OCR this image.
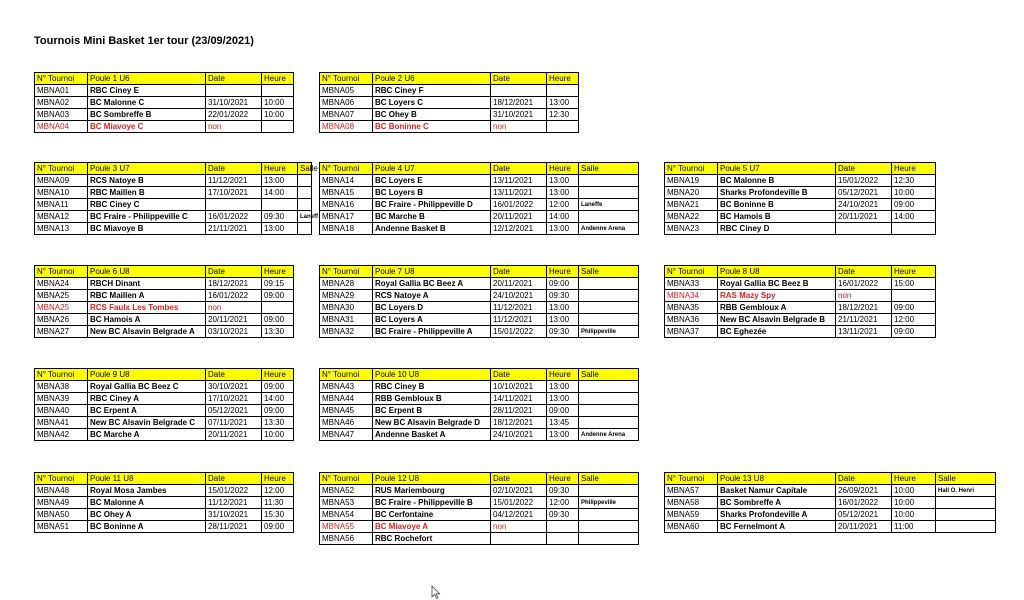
Tournois Mini Basket 1er tour (23/09/2021)
N° Tournoi	Poule 1 U6	Date	Heure
MBNA01	RBC Ciney E		
MBNA02	BC Malonne C	31/10/2021	10:00
MBNA03	BC Sombreffe B	22/01/2022	10:00
MBNA04	BC Miavoye C	non	
N° Tournoi	Poule 2 U6	Date	Heure
MBNA05	RBC Ciney F		
MBNA06	BC Loyers C	18/12/2021	13:00
MBNA07	BC Ohey B	31/10/2021	12:30
MBNA08	BC Boninne C	non	
N° Tournoi	Poule 3 U7	Date	Heure	Salle
MBNA09	RCS Natoye B	11/12/2021	13:00	
MBNA10	RBC Maillen B	17/10/2021	14:00	
MBNA11	RBC Ciney C			
MBNA12	BC Fraire - Philippeville C	16/01/2022	09:30	Laneff
MBNA13	BC Miavoye B	21/11/2021	13:00	
N° Tournoi	Poule 4 U7	Date	Heure	Salle
MBNA14	BC Loyers E	13/11/2021	13:00	
MBNA15	BC Loyers B	13/11/2021	13:00	
MBNA16	BC Fraire - Philippeville D	16/01/2022	12:00	Laneffe
MBNA17	BC Marche B	20/11/2021	14:00	
MBNA18	Andenne Basket B	12/12/2021	13:00	Andenne Arena
N° Tournoi	Poule 5 U7	Date	Heure
MBNA19	BC Malonne B	15/01/2022	12:30
MBNA20	Sharks Profondeville B	05/12/2021	10:00
MBNA21	BC Boninne B	24/10/2021	09:00
MBNA22	BC Hamois B	20/11/2021	14:00
MBNA23	RBC Ciney D		
N° Tournoi	Poule 6 U8	Date	Heure
MBNA24	RBCH Dinant	18/12/2021	09:15
MBNA25	RBC Maillen A	16/01/2022	09:00
MBNA25	RCS Faulx Les Tombes	non	
MBNA26	BC Hamois A	20/11/2021	09:00
MBNA27	New BC Alsavin Belgrade A	03/10/2021	13:30
N° Tournoi	Poule 7 U8	Date	Heure	Salle
MBNA28	Royal Gallia BC Beez A	20/11/2021	09:00	
MBNA29	RCS Natoye A	24/10/2021	09:30	
MBNA30	BC Loyers D	11/12/2021	13:00	
MBNA31	BC Loyers A	11/12/2021	13:00	
MBNA32	BC Fraire - Philippeville A	15/01/2022	09:30	Philippeville
N° Tournoi	Poule 8 U8	Date	Heure
MBNA33	Royal Gallia BC Beez B	16/01/2022	15:00
MBNA34	RAS Mazy Spy	non	
MBNA35	RBB Gembloux A	18/12/2021	09:00
MBNA36	New BC Alsavin Belgrade B	21/11/2021	12:00
MBNA37	BC Eghezée	13/11/2021	09:00
N° Tournoi	Poule 9 U8	Date	Heure
MBNA38	Royal Gallia BC Beez C	30/10/2021	09:00
MBNA39	RBC Ciney A	17/10/2021	14:00
MBNA40	BC Erpent A	05/12/2021	09:00
MBNA41	New BC Alsavin Belgrade C	07/11/2021	13:30
MBNA42	BC Marche A	20/11/2021	10:00
N° Tournoi	Poule 10 U8	Date	Heure	Salle
MBNA43	RBC Ciney B	10/10/2021	13:00	
MBNA44	RBB Gembloux B	14/11/2021	13:00	
MBNA45	BC Erpent B	28/11/2021	09:00	
MBNA46	New BC Alsavin Belgrade D	18/12/2021	13:45	
MBNA47	Andenne Basket A	24/10/2021	13:00	Andenne Arena
N° Tournoi	Poule 11 U8	Date	Heure
MBNA48	Royal Mosa Jambes	15/01/2022	12:00
MBNA49	BC Malonne A	11/12/2021	11:30
MBNA50	BC Ohey A	31/10/2021	15:30
MBNA51	BC Boninne A	28/11/2021	09:00
N° Tournoi	Poule 12 U8	Date	Heure	Salle
MBNA52	RUS Mariembourg	02/10/2021	09:30	
MBNA53	BC Fraire - Philippeville B	15/01/2022	12:00	Philippeville
MBNA54	BC Cerfontaine	04/12/2021	09:30	
MBNA55	BC Miavoye A	non		
MBNA56	RBC Rochefort			
N° Tournoi	Poule 13 U8	Date	Heure	Salle
MBNA57	Basket Namur Capitale	26/09/2021	10:00	Hall O. Henri
MBNA58	BC Sombreffe A	16/01/2022	10:00	
MBNA59	Sharks Profondeville A	05/12/2021	10:00	
MBNA60	BC Fernelmont A	20/11/2021	11:00	
